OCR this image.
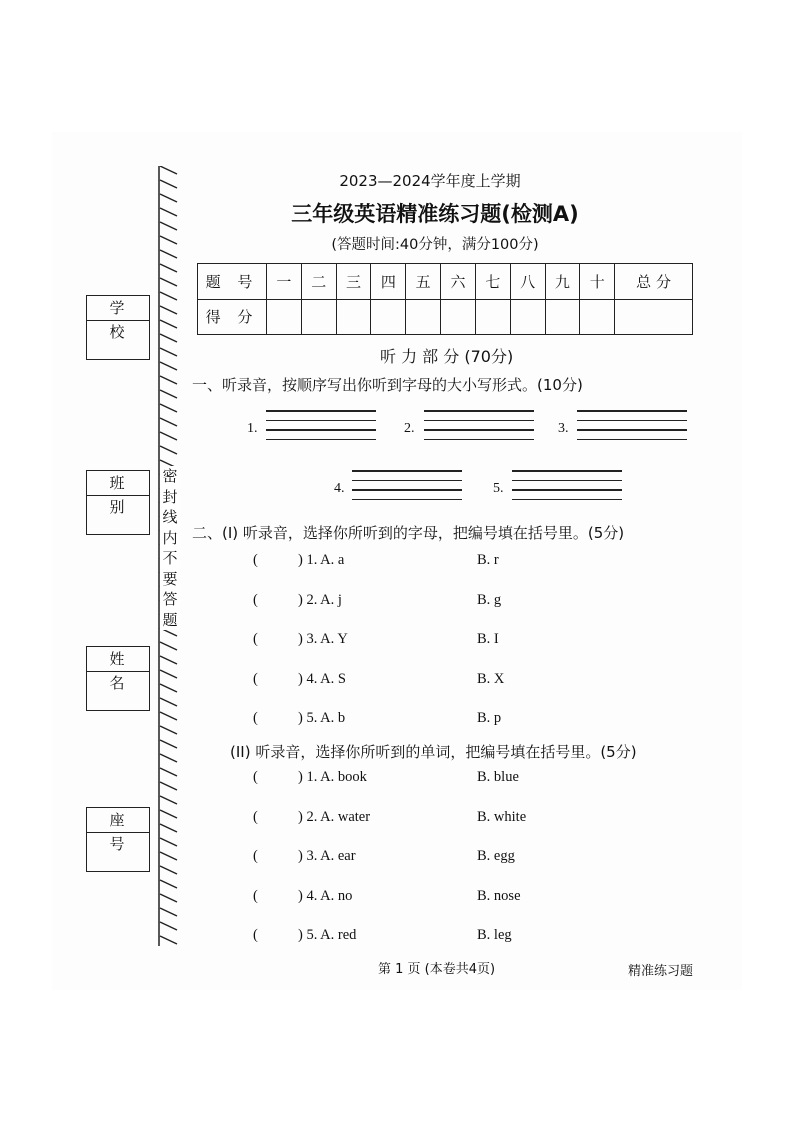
学 校
班 别
姓 名
座 号
密
封
线
内
不
要
答
题
2023—2024学年度上学期
三年级英语精准练习题(检测A)
(答题时间:40分钟，满分100分)
题 号	一	二	三	四	五	六	七	八	九	十	总 分
得 分											
听 力 部 分 (70分)
一、听录音，按顺序写出你听到字母的大小写形式。(10分)
1.	2.	3.
4.	5.
二、(I) 听录音，选择你所听到的字母，把编号填在括号里。(5分)
(	) 1. A. a	B. r
(	) 2. A. j	B. g
(	) 3. A. Y	B. I
(	) 4. A. S	B. X
(	) 5. A. b	B. p
(II) 听录音，选择你所听到的单词，把编号填在括号里。(5分)
(	) 1. A. book	B. blue
(	) 2. A. water	B. white
(	) 3. A. ear	B. egg
(	) 4. A. no	B. nose
(	) 5. A. red	B. leg
第 1 页 (本卷共4页)	精准练习题
